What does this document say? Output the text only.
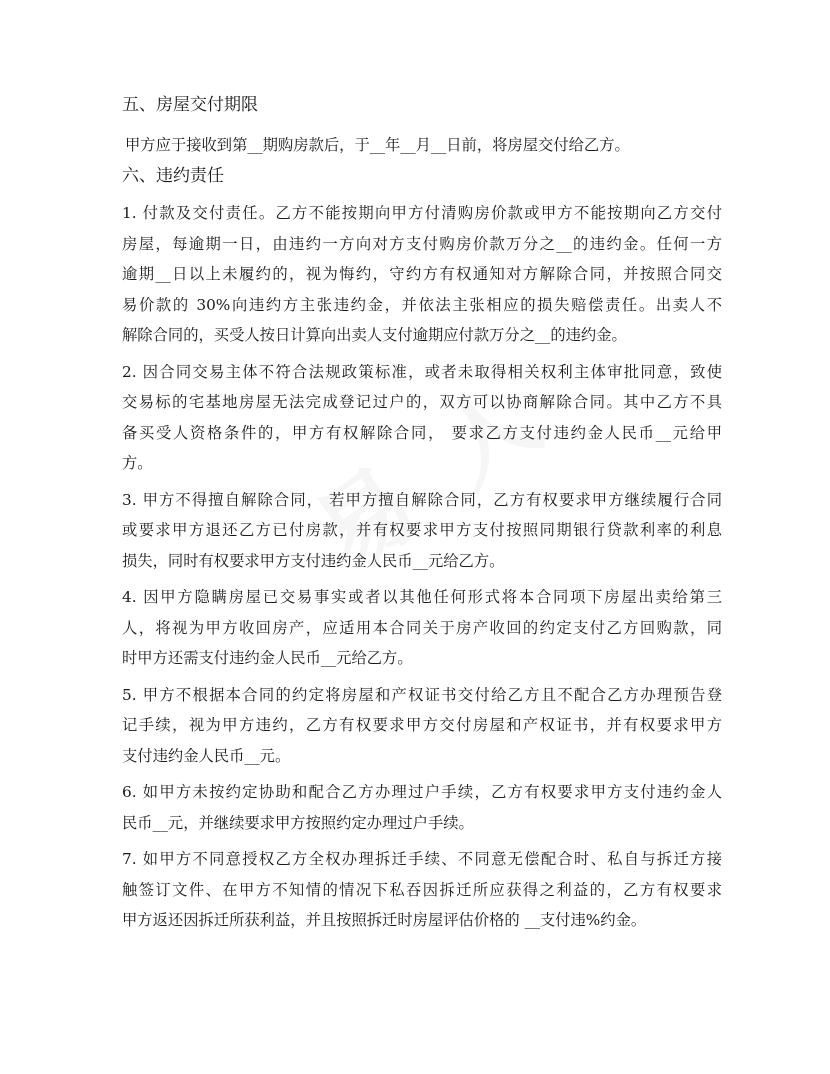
五、房屋交付期限
甲方应于接收到第__期购房款后，于__年__月__日前，将房屋交付给乙方。
六、违约责任
1. 付款及交付责任。乙方不能按期向甲方付清购房价款或甲方不能按期向乙方交付
房屋，每逾期一日，由违约一方向对方支付购房价款万分之__的违约金。任何一方
逾期__日以上未履约的，视为悔约，守约方有权通知对方解除合同，并按照合同交
易价款的 30%向违约方主张违约金，并依法主张相应的损失赔偿责任。出卖人不
解除合同的，买受人按日计算向出卖人支付逾期应付款万分之__的违约金。
2. 因合同交易主体不符合法规政策标准，或者未取得相关权利主体审批同意，致使
交易标的宅基地房屋无法完成登记过户的，双方可以协商解除合同。其中乙方不具
备买受人资格条件的，甲方有权解除合同， 要求乙方支付违约金人民币__元给甲
方。
3. 甲方不得擅自解除合同， 若甲方擅自解除合同，乙方有权要求甲方继续履行合同
或要求甲方退还乙方已付房款，并有权要求甲方支付按照同期银行贷款利率的利息
损失，同时有权要求甲方支付违约金人民币__元给乙方。
4. 因甲方隐瞒房屋已交易事实或者以其他任何形式将本合同项下房屋出卖给第三
人，将视为甲方收回房产，应适用本合同关于房产收回的约定支付乙方回购款，同
时甲方还需支付违约金人民币__元给乙方。
5. 甲方不根据本合同的约定将房屋和产权证书交付给乙方且不配合乙方办理预告登
记手续，视为甲方违约，乙方有权要求甲方交付房屋和产权证书，并有权要求甲方
支付违约金人民币__元。
6. 如甲方未按约定协助和配合乙方办理过户手续，乙方有权要求甲方支付违约金人
民币__元，并继续要求甲方按照约定办理过户手续。
7. 如甲方不同意授权乙方全权办理拆迁手续、不同意无偿配合时、私自与拆迁方接
触签订文件、在甲方不知情的情况下私吞因拆迁所应获得之利益的，乙方有权要求
甲方返还因拆迁所获利益，并且按照拆迁时房屋评估价格的 __支付违%约金。
